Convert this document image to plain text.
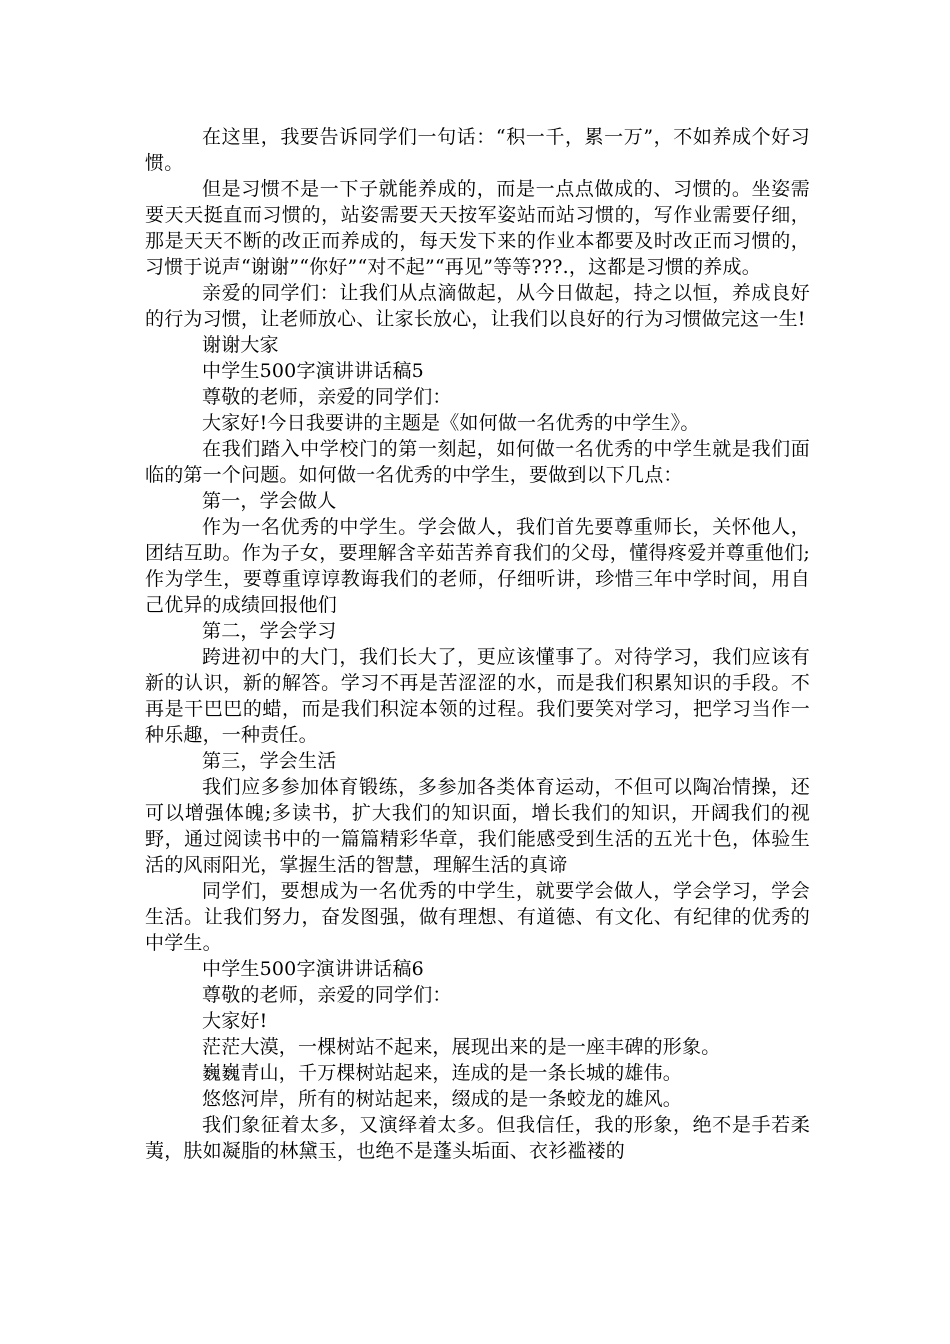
在这里，我要告诉同学们一句话：“积一千，累一万”，不如养成个好习惯。

但是习惯不是一下子就能养成的，而是一点点做成的、习惯的。坐姿需要天天挺直而习惯的，站姿需要天天按军姿站而站习惯的，写作业需要仔细，那是天天不断的改正而养成的，每天发下来的作业本都要及时改正而习惯的，习惯于说声“谢谢”“你好”“对不起”“再见”等等???.，这都是习惯的养成。

亲爱的同学们：让我们从点滴做起，从今日做起，持之以恒，养成良好的行为习惯，让老师放心、让家长放心，让我们以良好的行为习惯做完这一生!

谢谢大家

中学生500字演讲讲话稿5

尊敬的老师，亲爱的同学们：

大家好!今日我要讲的主题是《如何做一名优秀的中学生》。

在我们踏入中学校门的第一刻起，如何做一名优秀的中学生就是我们面临的第一个问题。如何做一名优秀的中学生，要做到以下几点：

第一，学会做人

作为一名优秀的中学生。学会做人，我们首先要尊重师长，关怀他人，团结互助。作为子女，要理解含辛茹苦养育我们的父母，懂得疼爱并尊重他们;作为学生，要尊重谆谆教诲我们的老师，仔细听讲，珍惜三年中学时间，用自己优异的成绩回报他们

第二，学会学习

跨进初中的大门，我们长大了，更应该懂事了。对待学习，我们应该有新的认识，新的解答。学习不再是苦涩涩的水，而是我们积累知识的手段。不再是干巴巴的蜡，而是我们积淀本领的过程。我们要笑对学习，把学习当作一种乐趣，一种责任。

第三，学会生活

我们应多参加体育锻练，多参加各类体育运动，不但可以陶冶情操，还可以增强体魄;多读书，扩大我们的知识面，增长我们的知识，开阔我们的视野，通过阅读书中的一篇篇精彩华章，我们能感受到生活的五光十色，体验生活的风雨阳光，掌握生活的智慧，理解生活的真谛

同学们，要想成为一名优秀的中学生，就要学会做人，学会学习，学会生活。让我们努力，奋发图强，做有理想、有道德、有文化、有纪律的优秀的中学生。

中学生500字演讲讲话稿6

尊敬的老师，亲爱的同学们：

大家好!

茫茫大漠，一棵树站不起来，展现出来的是一座丰碑的形象。

巍巍青山，千万棵树站起来，连成的是一条长城的雄伟。

悠悠河岸，所有的树站起来，缀成的是一条蛟龙的雄风。

我们象征着太多，又演绎着太多。但我信任，我的形象，绝不是手若柔荑，肤如凝脂的林黛玉，也绝不是蓬头垢面、衣衫褴褛的
